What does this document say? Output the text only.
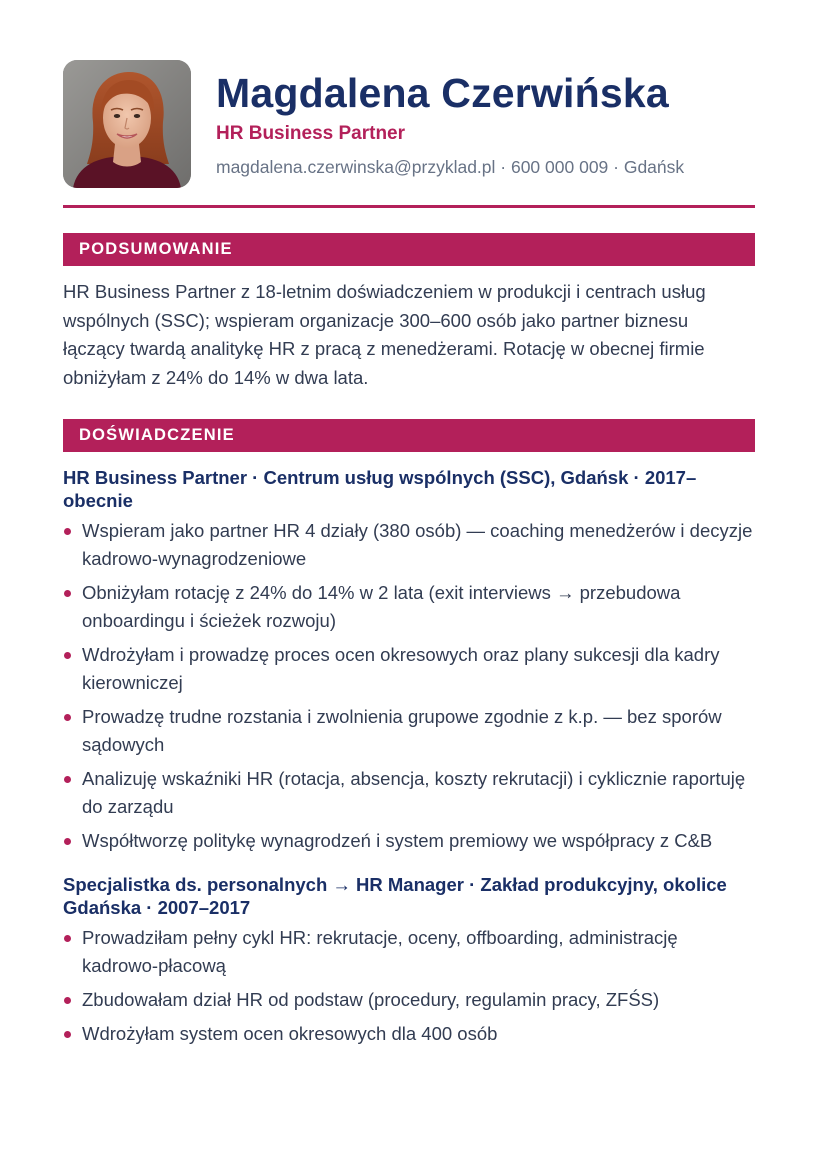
Magdalena Czerwińska
HR Business Partner
magdalena.czerwinska@przyklad.pl · 600 000 009 · Gdańsk
PODSUMOWANIE

HR Business Partner z 18-letnim doświadczeniem w produkcji i centrach usług wspólnych (SSC); wspieram organizacje 300–600 osób jako partner biznesu łączący twardą analitykę HR z pracą z menedżerami. Rotację w obecnej firmie obniżyłam z 24% do 14% w dwa lata.

DOŚWIADCZENIE
HR Business Partner · Centrum usług wspólnych (SSC), Gdańsk · 2017–obecnie
Wspieram jako partner HR 4 działy (380 osób) — coaching menedżerów i decyzje kadrowo-wynagrodzeniowe
Obniżyłam rotację z 24% do 14% w 2 lata (exit interviews → przebudowa onboardingu i ścieżek rozwoju)
Wdrożyłam i prowadzę proces ocen okresowych oraz plany sukcesji dla kadry kierowniczej
Prowadzę trudne rozstania i zwolnienia grupowe zgodnie z k.p. — bez sporów sądowych
Analizuję wskaźniki HR (rotacja, absencja, koszty rekrutacji) i cyklicznie raportuję do zarządu
Współtworzę politykę wynagrodzeń i system premiowy we współpracy z C&B
Specjalistka ds. personalnych → HR Manager · Zakład produkcyjny, okolice Gdańska · 2007–2017
Prowadziłam pełny cykl HR: rekrutacje, oceny, offboarding, administrację kadrowo-płacową
Zbudowałam dział HR od podstaw (procedury, regulamin pracy, ZFŚS)
Wdrożyłam system ocen okresowych dla 400 osób
